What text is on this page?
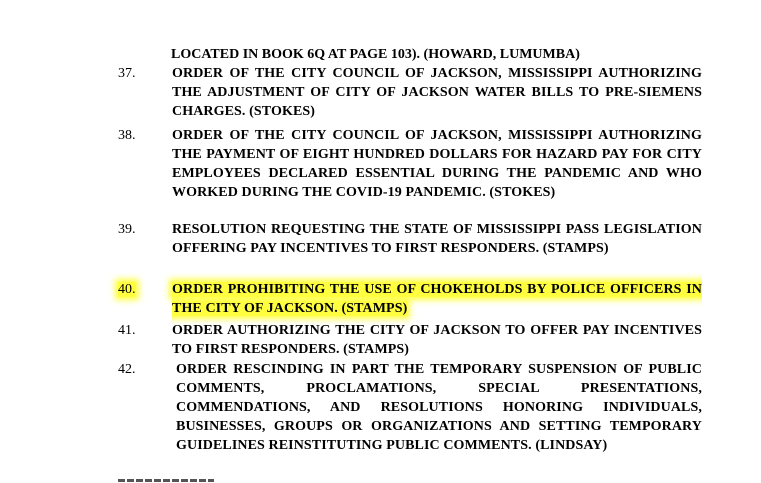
LOCATED IN BOOK 6Q AT PAGE 103). (HOWARD, LUMUMBA)
37.	ORDER OF THE CITY COUNCIL OF JACKSON, MISSISSIPPI AUTHORIZING THE ADJUSTMENT OF CITY OF JACKSON WATER BILLS TO PRE-SIEMENS CHARGES. (STOKES)
38.	ORDER OF THE CITY COUNCIL OF JACKSON, MISSISSIPPI AUTHORIZING THE PAYMENT OF EIGHT HUNDRED DOLLARS FOR HAZARD PAY FOR CITY EMPLOYEES DECLARED ESSENTIAL DURING THE PANDEMIC AND WHO WORKED DURING THE COVID-19 PANDEMIC. (STOKES)
39.	RESOLUTION REQUESTING THE STATE OF MISSISSIPPI PASS LEGISLATION OFFERING PAY INCENTIVES TO FIRST RESPONDERS. (STAMPS)
40.	ORDER PROHIBITING THE USE OF CHOKEHOLDS BY POLICE OFFICERS IN THE CITY OF JACKSON. (STAMPS)
41.	ORDER AUTHORIZING THE CITY OF JACKSON TO OFFER PAY INCENTIVES TO FIRST RESPONDERS. (STAMPS)
42.	ORDER RESCINDING IN PART THE TEMPORARY SUSPENSION OF PUBLIC COMMENTS, PROCLAMATIONS, SPECIAL PRESENTATIONS, COMMENDATIONS, AND RESOLUTIONS HONORING INDIVIDUALS, BUSINESSES, GROUPS OR ORGANIZATIONS AND SETTING TEMPORARY GUIDELINES REINSTITUTING PUBLIC COMMENTS. (LINDSAY)
